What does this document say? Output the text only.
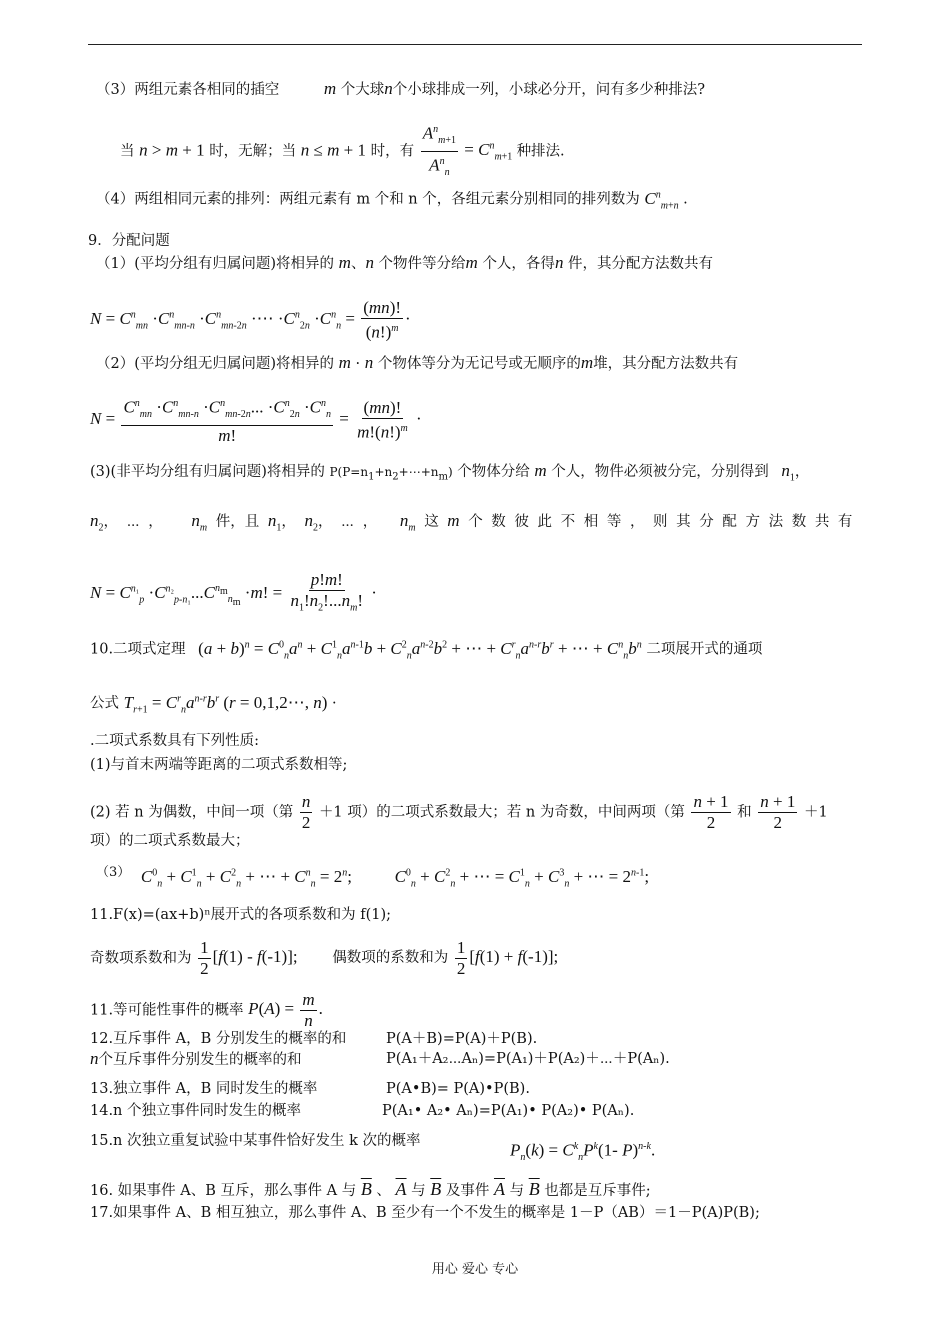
（3）两组元素各相同的插空	m 个大球n个小球排成一列，小球必分开，问有多少种排法?
当 n > m + 1 时，无解；当 n ≤ m + 1 时，有
$A^n_{m+1}$
$A^n_n$
= $C^n_{m+1}$ 种排法.
（4）两组相同元素的排列：两组元素有 m 个和 n 个，各组元素分别相同的排列数为 $C^n_{m+n}$ .
9．分配问题
（1）(平均分组有归属问题)将相异的 m、n 个物件等分给m 个人，各得n 件，其分配方法数共有
$N = C^n_{mn} \cdot C^n_{mn-n} \cdot C^n_{mn-2n}$ ·⋯ $\cdot C^n_{2n} \cdot C^n_n = \frac{(mn)!}{(n!)^m}$ ·
（2）(平均分组无归属问题)将相异的 m · n 个物体等分为无记号或无顺序的m堆，其分配方法数共有
N =
$C^n_{mn} \cdot C^n_{mn-n} \cdot C^n_{mn-2n}$... $\cdot C^n_{2n} \cdot C^n_n$
m!
= $\frac{(mn)!}{m!(n!)^m}$ ·
(3)(非平均分组有归属问题)将相异的 $P(P=n_1+n_2+\cdots+n_m)$ 个物体分给 m 个人，物件必须被分完，分别得到 $n_1$，
$n_2$， ⋯ ， $n_m$ 件，且 $n_1$， $n_2$， ⋯ ， $n_m$ 这 m 个 数 彼 此 不 相 等 ， 则 其 分 配 方 法 数 共 有
$N = C^{n_1}_p \cdot C^{n_2}_{p-n_1}...C^{n_m}_{n_m} \cdot m$! = $\frac{p!m!}{n_1!n_2!...n_m!}$ ·
10.二项式定理 $(a + b)^n = C^0_na^n + C^1_na^{n-1}b + C^2_na^{n-2}b^2$ + ⋯ + $C^r_na^{n-r}b^r$ + ⋯ + $C^n_nb^n$ 二项展开式的通项
公式 $T_{r+1} = C^r_na^{n-r}b^r$ (r = 0,1,2⋯, n) ·
.二项式系数具有下列性质:
(1)与首末两端等距离的二项式系数相等;
(2) 若 n 为偶数，中间一项（第 $\frac{n}{2} +1$ 项）的二项式系数最大；若 n 为奇数，中间两项（第 $\frac{n + 1}{2}$ 和 $\frac{n + 1}{2} +1$
项）的二项式系数最大；
（3） $C^0_n + C^1_n + C^2_n$ + ⋯ + $C^n_n = 2^n$;	$C^0_n + C^2_n$ + ⋯ = $C^1_n + C^3_n$ + ⋯ = $2^{n-1}$;
11.F(x)=(ax+b)ⁿ展开式的各项系数和为 f(1);
奇数项系数和为 $\frac{1}{2} [f(1) - f(-1)]$; 偶数项的系数和为 $\frac{1}{2} [f(1) + f(-1)]$;
11.等可能性事件的概率 $P(A) = \frac{m}{n}$ .
12.互斥事件 A，B 分别发生的概率的和	P(A＋B)=P(A)＋P(B).
n个互斥事件分别发生的概率的和	P(A₁＋A₂⋯Aₙ)=P(A₁)＋P(A₂)＋⋯＋P(Aₙ).
13.独立事件 A，B 同时发生的概率	P(A•B)= P(A)•P(B).
14.n 个独立事件同时发生的概率	P(A₁• A₂• Aₙ)=P(A₁)• P(A₂)• P(Aₙ).
15.n 次独立重复试验中某事件恰好发生 k 次的概率	$P_n(k) = C^k_nP^k(1-$ P)$^{n-k}$.
16. 如果事件 A、B 互斥，那么事件 A 与 $\overline{B}$ 、 $\overline{A}$ 与 $\overline{B}$ 及事件 $\overline{A}$ 与 $\overline{B}$ 也都是互斥事件;
17.如果事件 A、B 相互独立，那么事件 A、B 至少有一个不发生的概率是 1－P（AB）＝1－P(A)P(B);
用心 爱心 专心
